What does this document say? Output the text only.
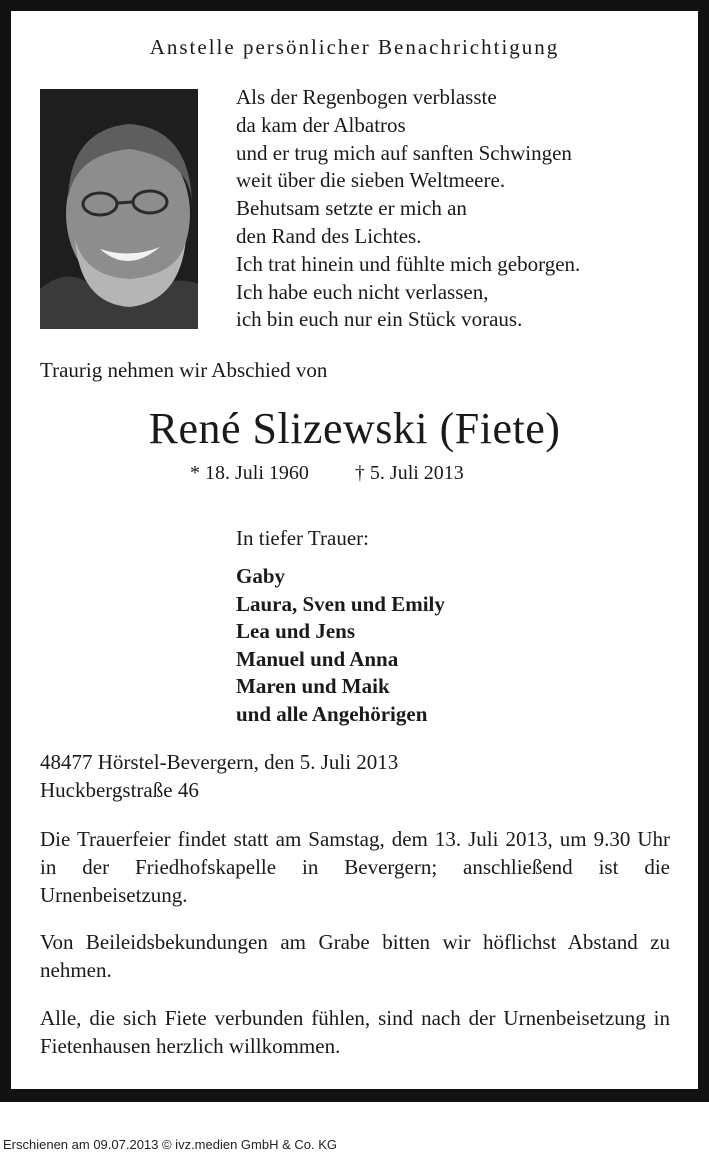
Anstelle persönlicher Benachrichtigung
Als der Regenbogen verblasste
da kam der Albatros
und er trug mich auf sanften Schwingen
weit über die sieben Weltmeere.
Behutsam setzte er mich an
den Rand des Lichtes.
Ich trat hinein und fühlte mich geborgen.
Ich habe euch nicht verlassen,
ich bin euch nur ein Stück voraus.
Traurig nehmen wir Abschied von
René Slizewski (Fiete)
* 18. Juli 1960 † 5. Juli 2013
In tiefer Trauer:
Gaby
Laura, Sven und Emily
Lea und Jens
Manuel und Anna
Maren und Maik
und alle Angehörigen
48477 Hörstel-Bevergern, den 5. Juli 2013
Huckbergstraße 46
Die Trauerfeier findet statt am Samstag, dem 13. Juli 2013, um 9.30 Uhr in der Friedhofskapelle in Bevergern; anschließend ist die Urnenbeisetzung.
Von Beileidsbekundungen am Grabe bitten wir höflichst Abstand zu nehmen.
Alle, die sich Fiete verbunden fühlen, sind nach der Urnenbeisetzung in Fietenhausen herzlich willkommen.
Erschienen am 09.07.2013 © ivz.medien GmbH & Co. KG
